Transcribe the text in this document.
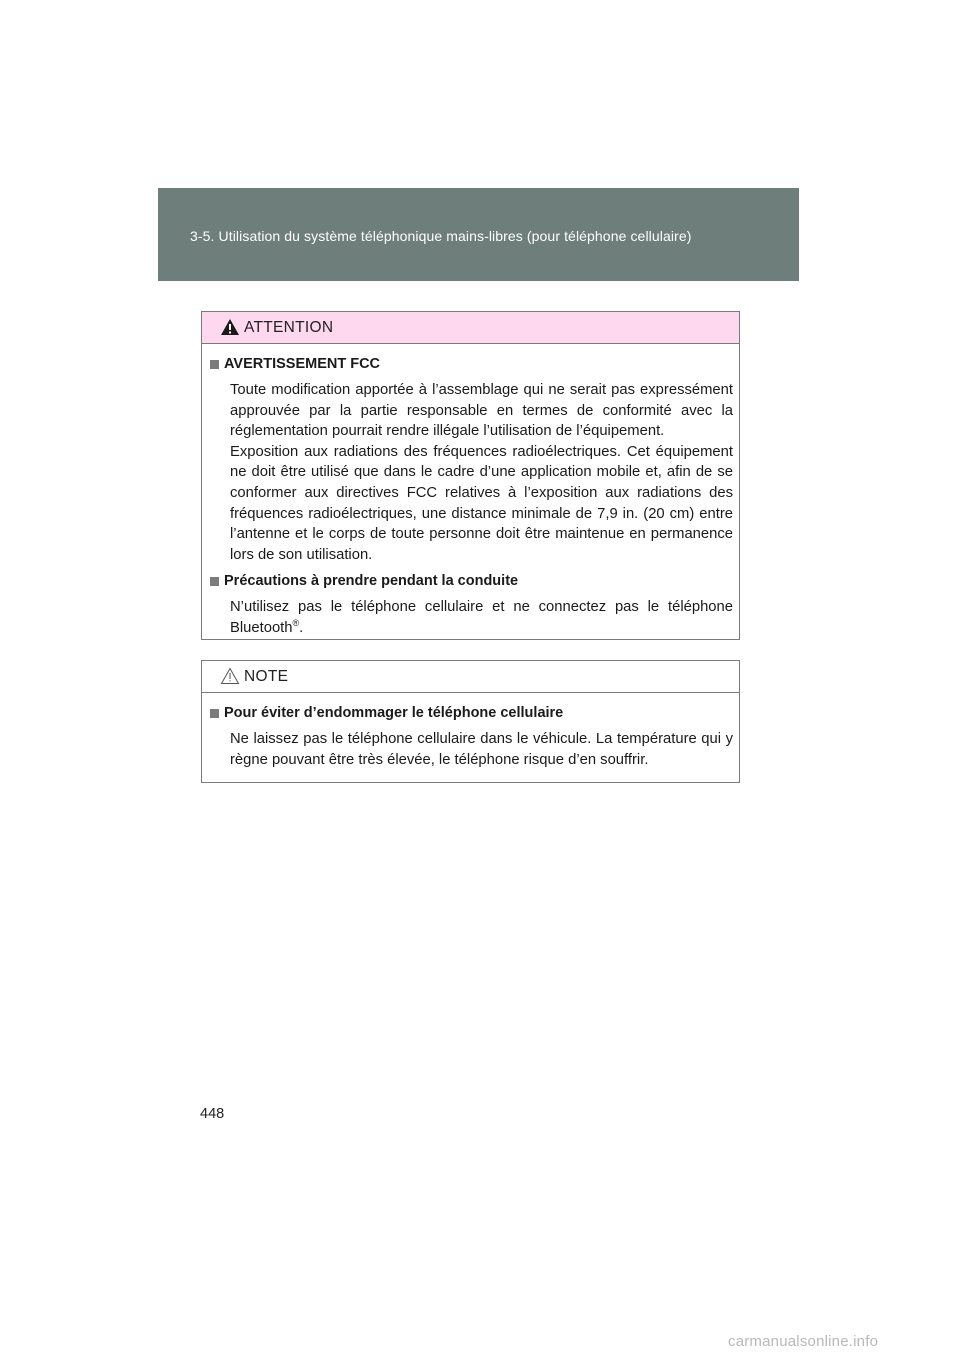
3-5. Utilisation du système téléphonique mains-libres (pour téléphone cellulaire)
ATTENTION
AVERTISSEMENT FCC

Toute modification apportée à l’assemblage qui ne serait pas expressément approuvée par la partie responsable en termes de conformité avec la réglementation pourrait rendre illégale l’utilisation de l’équipement.

Exposition aux radiations des fréquences radioélectriques. Cet équipement ne doit être utilisé que dans le cadre d’une application mobile et, afin de se conformer aux directives FCC relatives à l’exposition aux radiations des fréquences radioélectriques, une distance minimale de 7,9 in. (20 cm) entre l’antenne et le corps de toute personne doit être maintenue en permanence lors de son utilisation.

Précautions à prendre pendant la conduite

N’utilisez pas le téléphone cellulaire et ne connectez pas le téléphone Bluetooth®.

NOTE
Pour éviter d’endommager le téléphone cellulaire

Ne laissez pas le téléphone cellulaire dans le véhicule. La température qui y règne pouvant être très élevée, le téléphone risque d’en souffrir.

448
carmanualsonline.info
